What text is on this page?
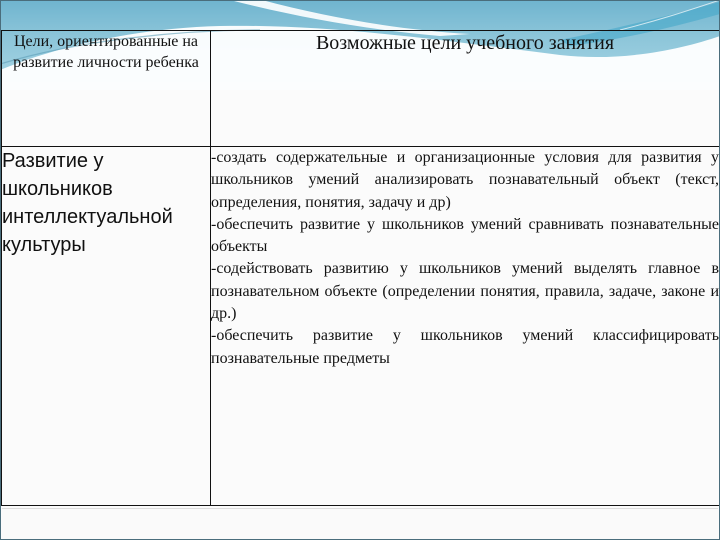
Цели, ориентированные на развитие личности ребенка	Возможные цели учебного занятия
Развитие у школьников интеллектуальной культуры	-создать содержательные и организационные условия для развития у школьников умений анализировать познавательный объект (текст, определения, понятия, задачу и др)
-обеспечить развитие у школьников умений сравнивать познавательные объекты
-содействовать развитию у школьников умений выделять главное в познавательном объекте (определении понятия, правила, задаче, законе и др.)
-обеспечить развитие у школьников умений классифицировать познавательные предметы
